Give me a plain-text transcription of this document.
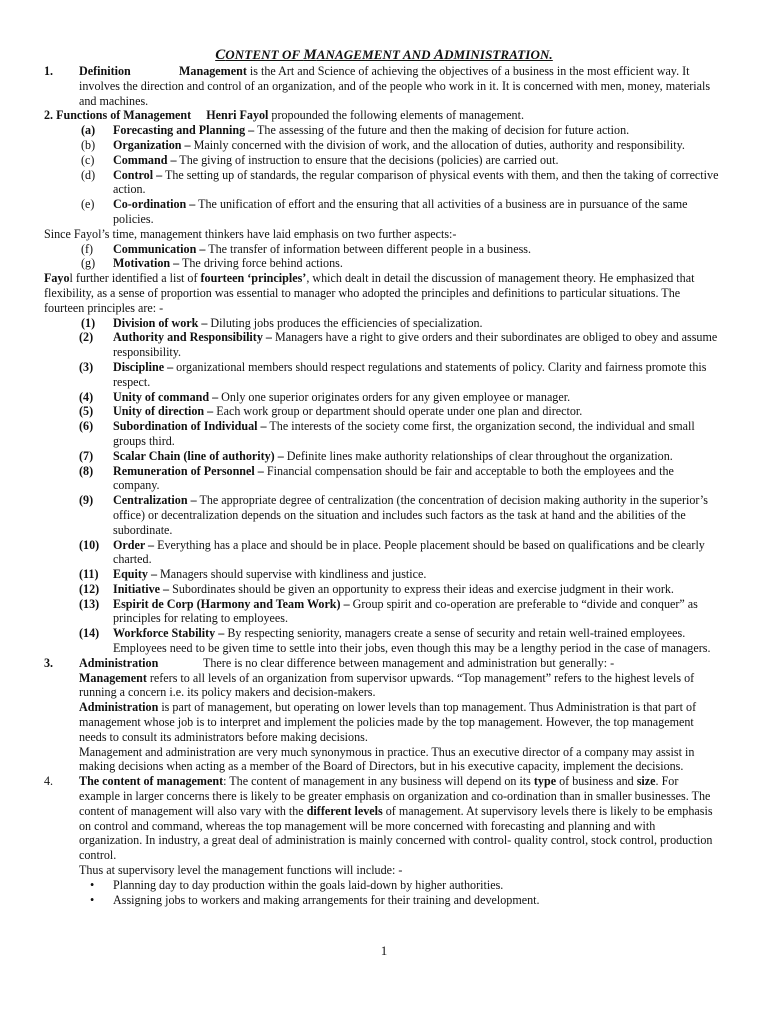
CONTENT OF MANAGEMENT AND ADMINISTRATION.
1.	Definition	Management is the Art and Science of achieving the objectives of a business in the most efficient way. It involves the direction and control of an organization, and of the people who work in it. It is concerned with men, money, materials and machines.
2. Functions of Management Henri Fayol propounded the following elements of management.
(a) Forecasting and Planning – The assessing of the future and then the making of decision for future action.
(b) Organization – Mainly concerned with the division of work, and the allocation of duties, authority and responsibility.
(c) Command – The giving of instruction to ensure that the decisions (policies) are carried out.
(d) Control – The setting up of standards, the regular comparison of physical events with them, and then the taking of corrective action.
(e) Co-ordination – The unification of effort and the ensuring that all activities of a business are in pursuance of the same policies.
Since Fayol’s time, management thinkers have laid emphasis on two further aspects:-
(f) Communication – The transfer of information between different people in a business.
(g) Motivation – The driving force behind actions.
Fayol further identified a list of fourteen ‘principles’, which dealt in detail the discussion of management theory. He emphasized that flexibility, as a sense of proportion was essential to manager who adopted the principles and definitions to particular situations. The fourteen principles are: -
(1) Division of work – Diluting jobs produces the efficiencies of specialization.
(2) Authority and Responsibility – Managers have a right to give orders and their subordinates are obliged to obey and assume responsibility.
(3) Discipline – organizational members should respect regulations and statements of policy. Clarity and fairness promote this respect.
(4) Unity of command – Only one superior originates orders for any given employee or manager.
(5) Unity of direction – Each work group or department should operate under one plan and director.
(6) Subordination of Individual – The interests of the society come first, the organization second, the individual and small groups third.
(7) Scalar Chain (line of authority) – Definite lines make authority relationships of clear throughout the organization.
(8) Remuneration of Personnel – Financial compensation should be fair and acceptable to both the employees and the company.
(9) Centralization – The appropriate degree of centralization (the concentration of decision making authority in the superior’s office) or decentralization depends on the situation and includes such factors as the task at hand and the abilities of the subordinate.
(10) Order – Everything has a place and should be in place. People placement should be based on qualifications and be clearly charted.
(11) Equity – Managers should supervise with kindliness and justice.
(12) Initiative – Subordinates should be given an opportunity to express their ideas and exercise judgment in their work.
(13) Espirit de Corp (Harmony and Team Work) – Group spirit and co-operation are preferable to “divide and conquer” as principles for relating to employees.
(14) Workforce Stability – By respecting seniority, managers create a sense of security and retain well-trained employees. Employees need to be given time to settle into their jobs, even though this may be a lengthy period in the case of managers.
3. Administration	There is no clear difference between management and administration but generally: -
Management refers to all levels of an organization from supervisor upwards. “Top management” refers to the highest levels of running a concern i.e. its policy makers and decision-makers.
Administration is part of management, but operating on lower levels than top management. Thus Administration is that part of management whose job is to interpret and implement the policies made by the top management. However, the top management needs to consult its administrators before making decisions.
Management and administration are very much synonymous in practice. Thus an executive director of a company may assist in making decisions when acting as a member of the Board of Directors, but in his executive capacity, implement the decisions.
4. The content of management: The content of management in any business will depend on its type of business and size. For example in larger concerns there is likely to be greater emphasis on organization and co-ordination than in smaller businesses. The content of management will also vary with the different levels of management. At supervisory levels there is likely to be emphasis on control and command, whereas the top management will be more concerned with forecasting and planning and with organization. In industry, a great deal of administration is mainly concerned with control- quality control, stock control, production control.
Thus at supervisory level the management functions will include: -
• Planning day to day production within the goals laid-down by higher authorities.
• Assigning jobs to workers and making arrangements for their training and development.
1
